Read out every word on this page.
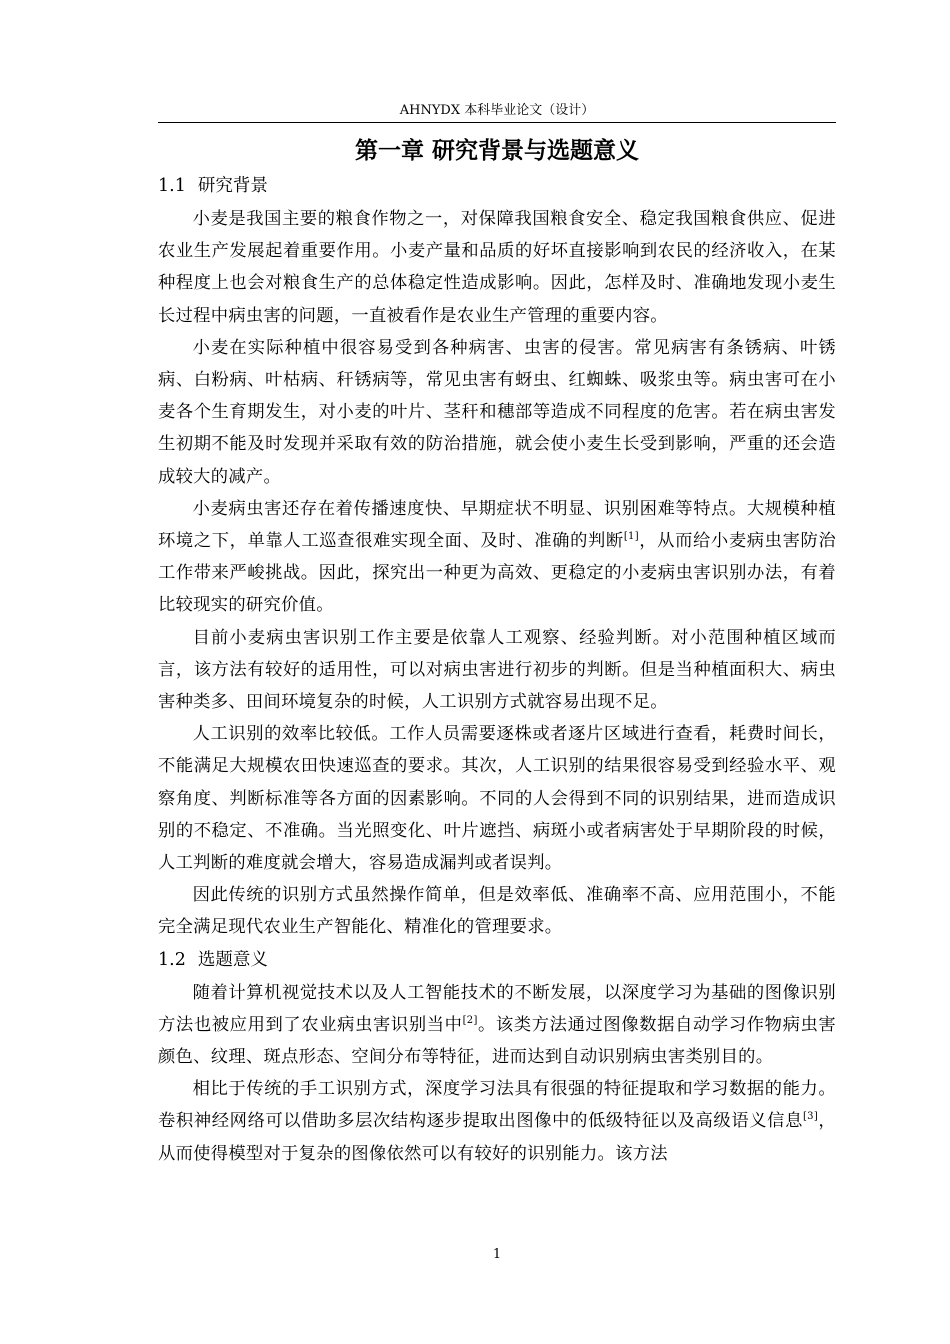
AHNYDX 本科毕业论文（设计）
第一章 研究背景与选题意义
1.1 研究背景

小麦是我国主要的粮食作物之一，对保障我国粮食安全、稳定我国粮食供应、促进农业生产发展起着重要作用。小麦产量和品质的好坏直接影响到农民的经济收入，在某种程度上也会对粮食生产的总体稳定性造成影响。因此，怎样及时、准确地发现小麦生长过程中病虫害的问题，一直被看作是农业生产管理的重要内容。

小麦在实际种植中很容易受到各种病害、虫害的侵害。常见病害有条锈病、叶锈病、白粉病、叶枯病、秆锈病等，常见虫害有蚜虫、红蜘蛛、吸浆虫等。病虫害可在小麦各个生育期发生，对小麦的叶片、茎秆和穗部等造成不同程度的危害。若在病虫害发生初期不能及时发现并采取有效的防治措施，就会使小麦生长受到影响，严重的还会造成较大的减产。

小麦病虫害还存在着传播速度快、早期症状不明显、识别困难等特点。大规模种植环境之下，单靠人工巡查很难实现全面、及时、准确的判断[1]，从而给小麦病虫害防治工作带来严峻挑战。因此，探究出一种更为高效、更稳定的小麦病虫害识别办法，有着比较现实的研究价值。

目前小麦病虫害识别工作主要是依靠人工观察、经验判断。对小范围种植区域而言，该方法有较好的适用性，可以对病虫害进行初步的判断。但是当种植面积大、病虫害种类多、田间环境复杂的时候，人工识别方式就容易出现不足。

人工识别的效率比较低。工作人员需要逐株或者逐片区域进行查看，耗费时间长，不能满足大规模农田快速巡查的要求。其次，人工识别的结果很容易受到经验水平、观察角度、判断标准等各方面的因素影响。不同的人会得到不同的识别结果，进而造成识别的不稳定、不准确。当光照变化、叶片遮挡、病斑小或者病害处于早期阶段的时候，人工判断的难度就会增大，容易造成漏判或者误判。

因此传统的识别方式虽然操作简单，但是效率低、准确率不高、应用范围小，不能完全满足现代农业生产智能化、精准化的管理要求。

1.2 选题意义

随着计算机视觉技术以及人工智能技术的不断发展，以深度学习为基础的图像识别方法也被应用到了农业病虫害识别当中[2]。该类方法通过图像数据自动学习作物病虫害颜色、纹理、斑点形态、空间分布等特征，进而达到自动识别病虫害类别目的。

相比于传统的手工识别方式，深度学习法具有很强的特征提取和学习数据的能力。卷积神经网络可以借助多层次结构逐步提取出图像中的低级特征以及高级语义信息[3]，从而使得模型对于复杂的图像依然可以有较好的识别能力。该方法

1
